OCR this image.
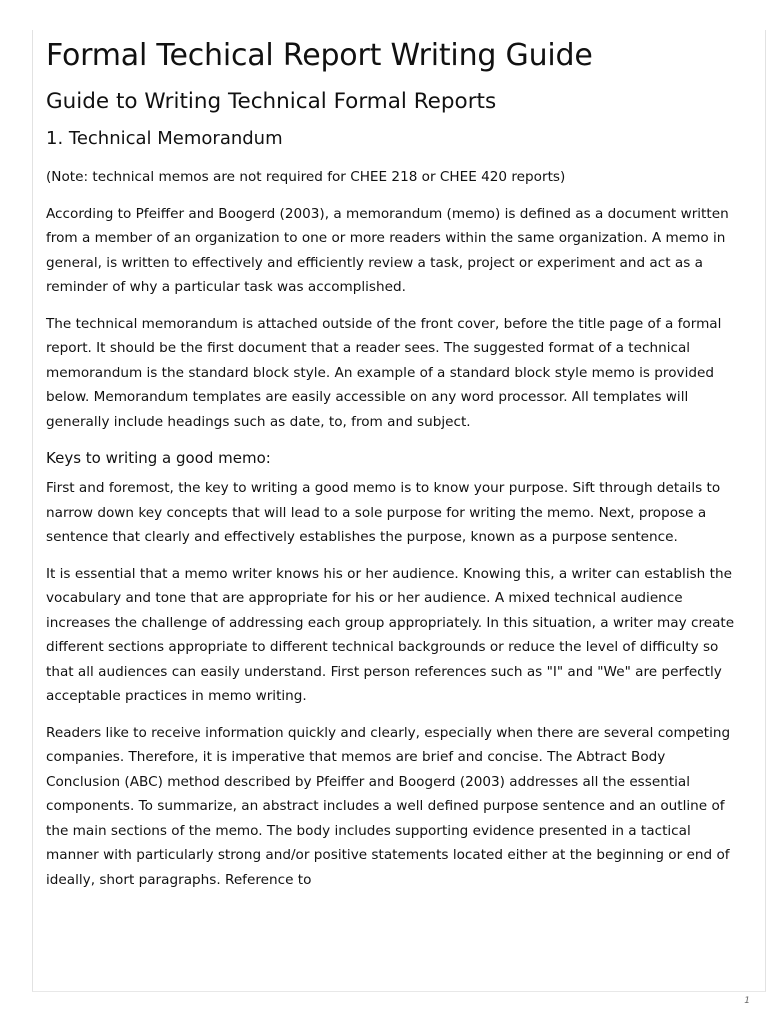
Formal Techical Report Writing Guide
Guide to Writing Technical Formal Reports
1. Technical Memorandum

(Note: technical memos are not required for CHEE 218 or CHEE 420 reports)

According to Pfeiffer and Boogerd (2003), a memorandum (memo) is defined as a document written from a member of an organization to one or more readers within the same organization. A memo in general, is written to effectively and efficiently review a task, project or experiment and act as a reminder of why a particular task was accomplished.

The technical memorandum is attached outside of the front cover, before the title page of a formal report. It should be the first document that a reader sees. The suggested format of a technical memorandum is the standard block style. An example of a standard block style memo is provided below. Memorandum templates are easily accessible on any word processor. All templates will generally include headings such as date, to, from and subject.

Keys to writing a good memo:

First and foremost, the key to writing a good memo is to know your purpose. Sift through details to narrow down key concepts that will lead to a sole purpose for writing the memo. Next, propose a sentence that clearly and effectively establishes the purpose, known as a purpose sentence.

It is essential that a memo writer knows his or her audience. Knowing this, a writer can establish the vocabulary and tone that are appropriate for his or her audience. A mixed technical audience increases the challenge of addressing each group appropriately. In this situation, a writer may create different sections appropriate to different technical backgrounds or reduce the level of difficulty so that all audiences can easily understand. First person references such as "I" and "We" are perfectly acceptable practices in memo writing.

Readers like to receive information quickly and clearly, especially when there are several competing companies. Therefore, it is imperative that memos are brief and concise. The Abtract Body Conclusion (ABC) method described by Pfeiffer and Boogerd (2003) addresses all the essential components. To summarize, an abstract includes a well defined purpose sentence and an outline of the main sections of the memo. The body includes supporting evidence presented in a tactical manner with particularly strong and/or positive statements located either at the beginning or end of ideally, short paragraphs. Reference to

1
